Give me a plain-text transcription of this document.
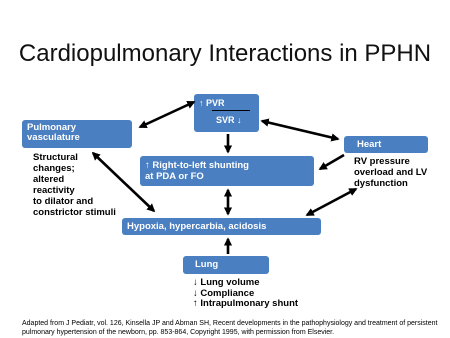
Cardiopulmonary Interactions in PPHN
↑ PVR
SVR ↓
Pulmonary
vasculature
Heart
↑ Right-to-left shunting
at PDA or FO
Hypoxia, hypercarbia, acidosis
Lung
Structural
changes;
altered
reactivity
to dilator and
constrictor stimuli
RV pressure
overload and LV
dysfunction
↓ Lung volume
↓ Compliance
↑ Intrapulmonary shunt
Adapted from J Pediatr, vol. 126, Kinsella JP and Abman SH, Recent developments in the pathophysiology and treatment of persistent pulmonary hypertension of the newborn, pp. 853-864, Copyright 1995, with permission from Elsevier.
